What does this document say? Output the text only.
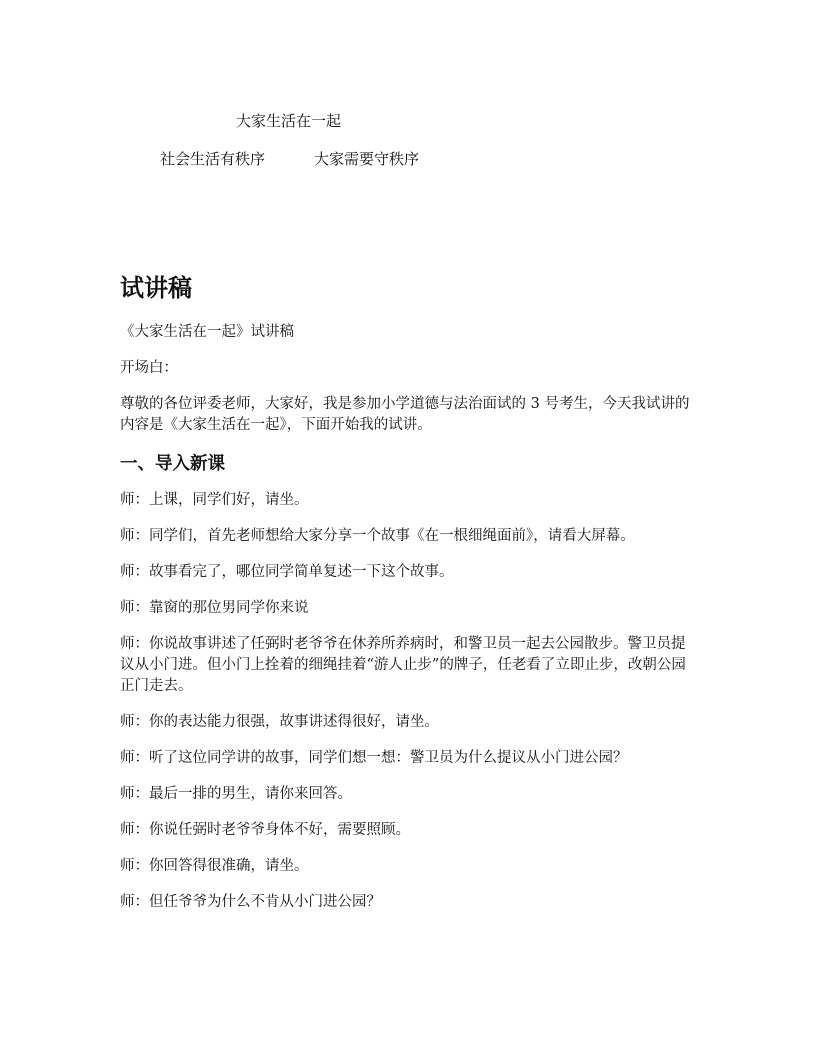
大家生活在一起
社会生活有秩序	大家需要守秩序
试讲稿

《大家生活在一起》试讲稿

开场白：

尊敬的各位评委老师，大家好，我是参加小学道德与法治面试的 3 号考生，今天我试讲的内容是《大家生活在一起》，下面开始我的试讲。

一、导入新课

师：上课，同学们好，请坐。

师：同学们，首先老师想给大家分享一个故事《在一根细绳面前》，请看大屏幕。

师：故事看完了，哪位同学简单复述一下这个故事。

师：靠窗的那位男同学你来说

师：你说故事讲述了任弼时老爷爷在休养所养病时，和警卫员一起去公园散步。警卫员提议从小门进。但小门上拴着的细绳挂着“游人止步”的牌子，任老看了立即止步，改朝公园正门走去。

师：你的表达能力很强，故事讲述得很好，请坐。

师：听了这位同学讲的故事，同学们想一想：警卫员为什么提议从小门进公园？

师：最后一排的男生，请你来回答。

师：你说任弼时老爷爷身体不好，需要照顾。

师：你回答得很准确，请坐。

师：但任爷爷为什么不肯从小门进公园？
